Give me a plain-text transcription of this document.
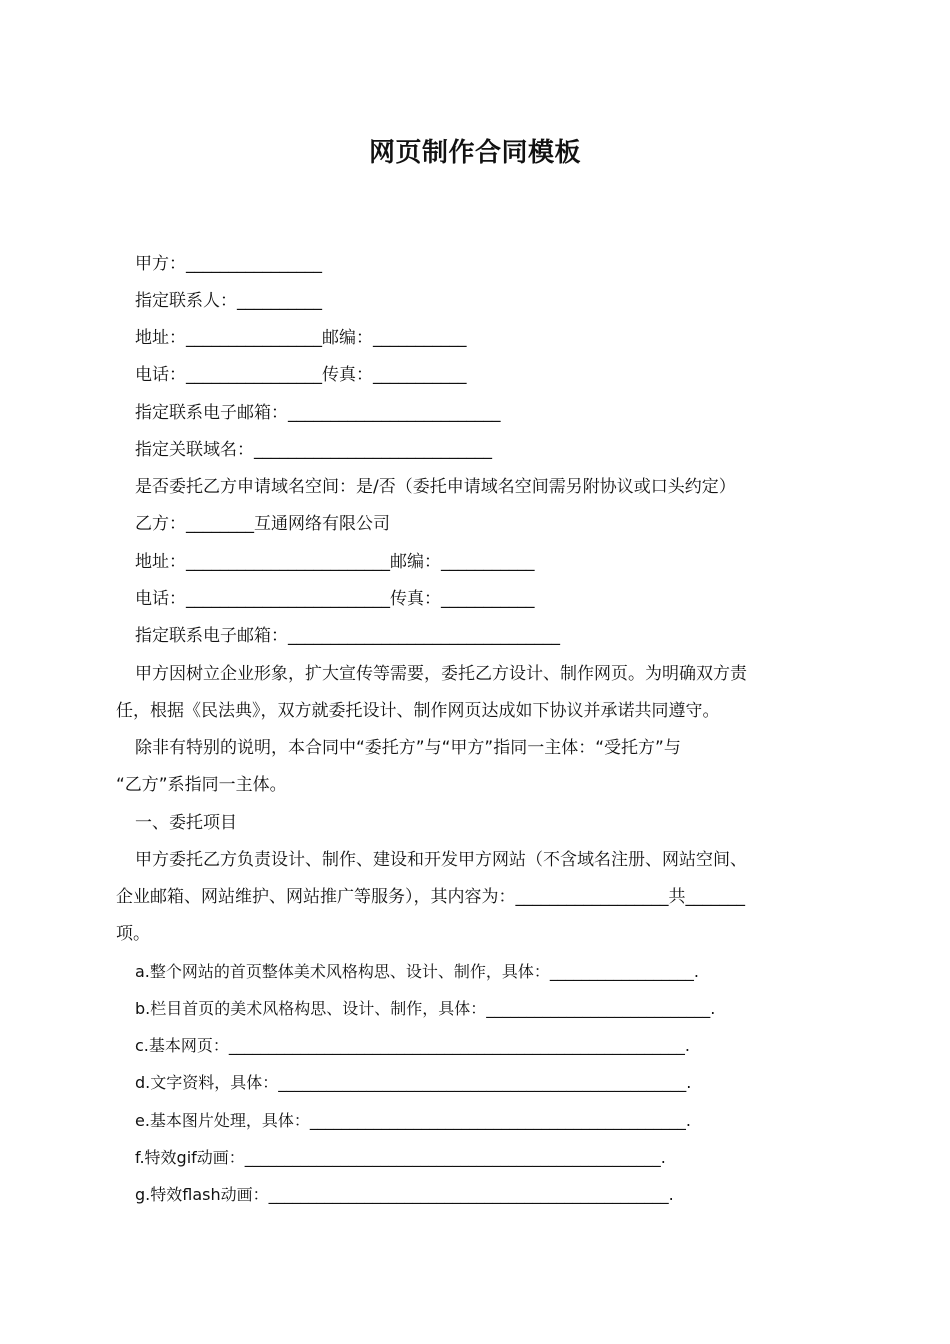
网页制作合同模板
甲方：________________
指定联系人：__________
地址：________________邮编：___________
电话：________________传真：___________
指定联系电子邮箱：_________________________
指定关联域名：____________________________
是否委托乙方申请域名空间：是/否（委托申请域名空间需另附协议或口头约定）
乙方：________互通网络有限公司
地址：________________________邮编：___________
电话：________________________传真：___________
指定联系电子邮箱：________________________________
甲方因树立企业形象，扩大宣传等需要，委托乙方设计、制作网页。为明确双方责
任，根据《民法典》，双方就委托设计、制作网页达成如下协议并承诺共同遵守。
除非有特别的说明，本合同中“委托方”与“甲方”指同一主体：“受托方”与
“乙方”系指同一主体。
一、委托项目
甲方委托乙方负责设计、制作、建设和开发甲方网站（不含域名注册、网站空间、
企业邮箱、网站维护、网站推广等服务），其内容为：__________________共_______
项。
a.整个网站的首页整体美术风格构思、设计、制作，具体：__________________.
b.栏目首页的美术风格构思、设计、制作，具体：____________________________.
c.基本网页：_________________________________________________________.
d.文字资料，具体：___________________________________________________.
e.基本图片处理，具体：_______________________________________________.
f.特效gif动画：____________________________________________________.
g.特效flash动画：__________________________________________________.
